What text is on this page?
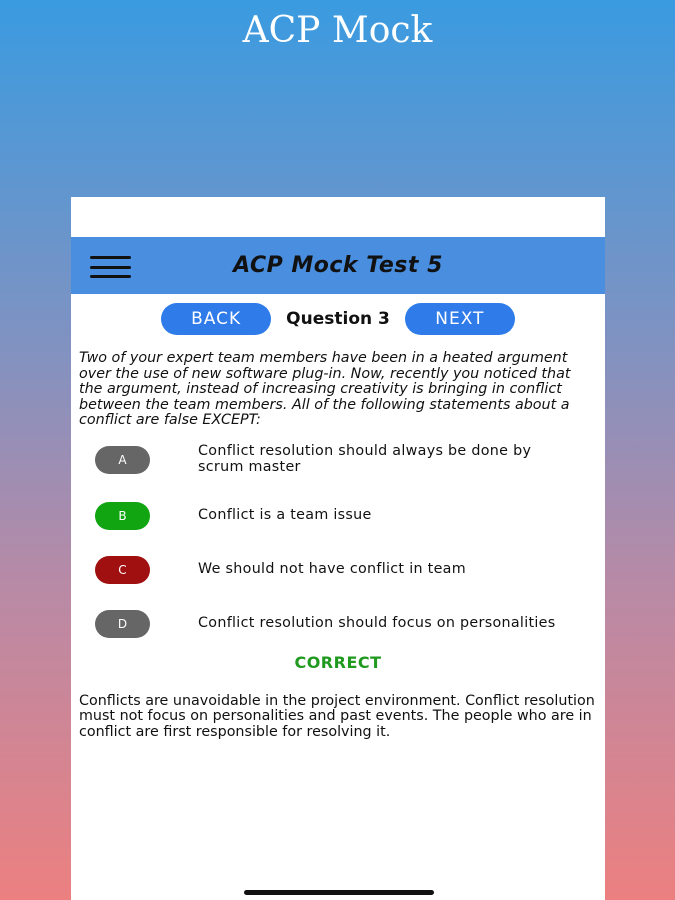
ACP Mock
ACP Mock Test 5
BACK	Question 3	NEXT
Two of your expert team members have been in a heated argument over the use of new software plug-in. Now, recently you noticed that the argument, instead of increasing creativity is bringing in conflict between the team members. All of the following statements about a conflict are false EXCEPT:
A
Conflict resolution should always be done by scrum master
B	Conflict is a team issue
C	We should not have conflict in team
D	Conflict resolution should focus on personalities
CORRECT
Conflicts are unavoidable in the project environment. Conflict resolution must not focus on personalities and past events. The people who are in conflict are first responsible for resolving it.
